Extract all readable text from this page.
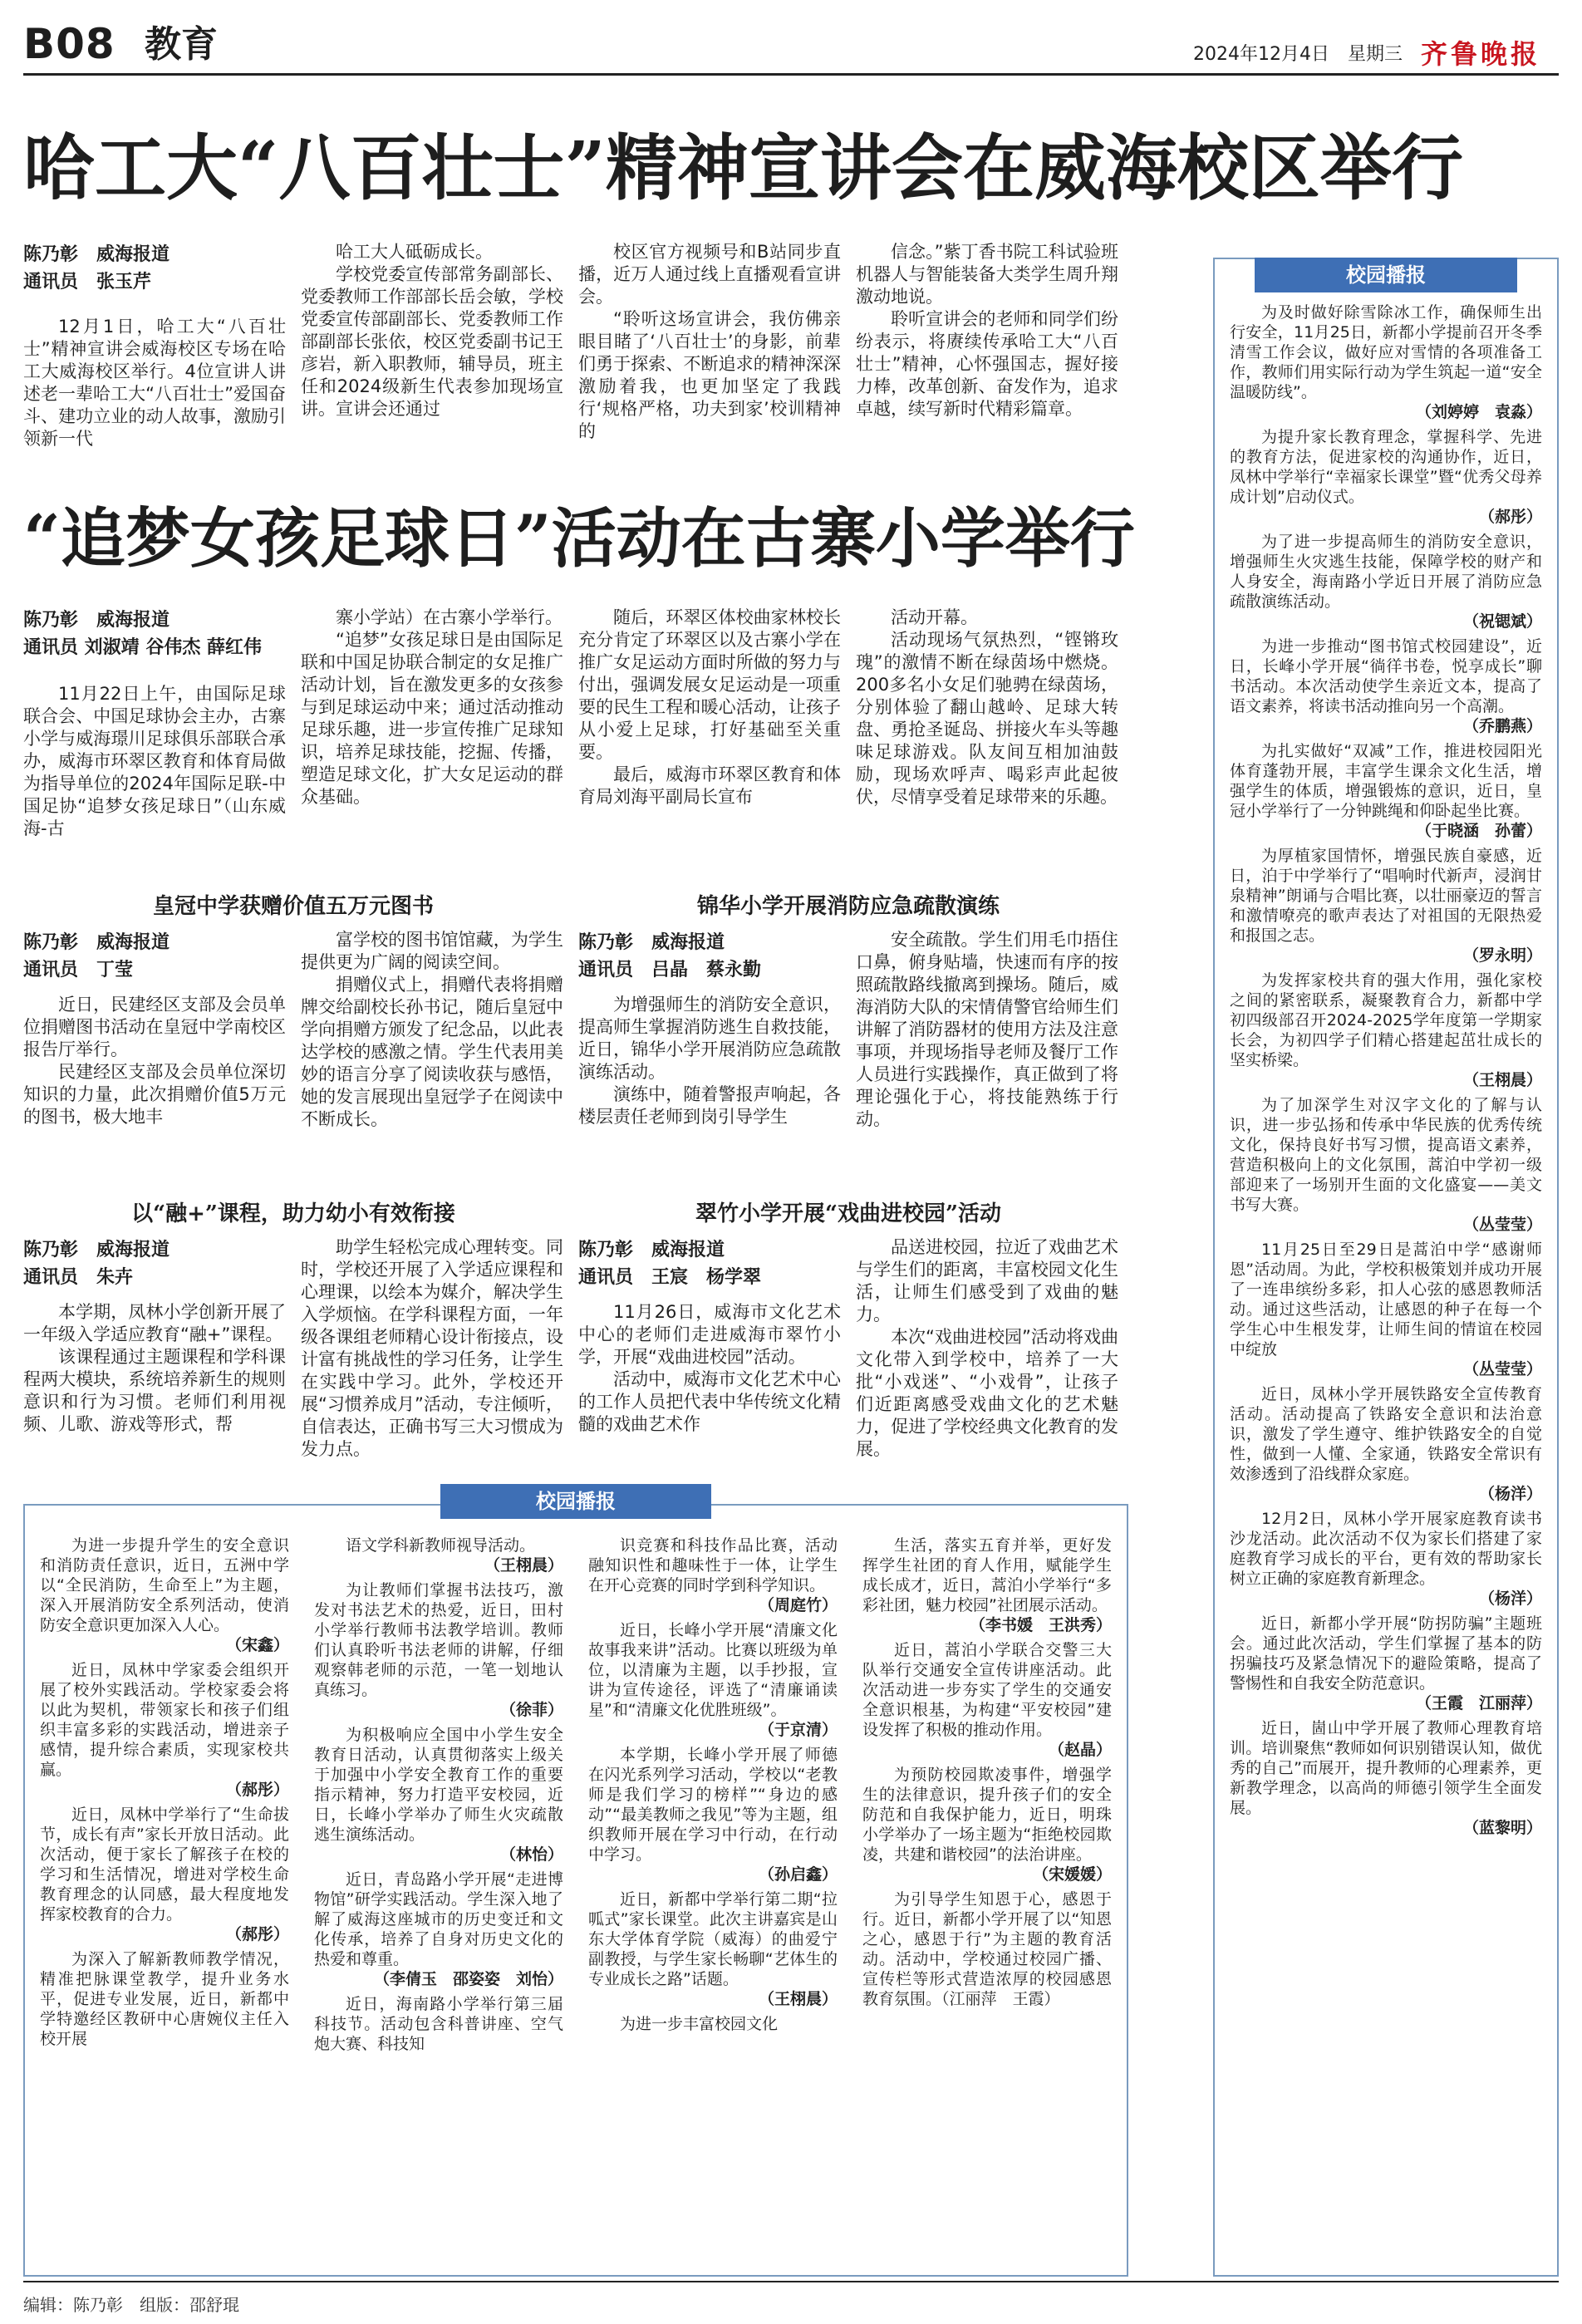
B08 教育	2024年12月4日 星期三 齐鲁晚报
哈工大“八百壮士”精神宣讲会在威海校区举行
陈乃彰　威海报道
通讯员　张玉芹
12月1日，哈工大“八百壮士”精神宣讲会威海校区专场在哈工大威海校区举行。4位宣讲人讲述老一辈哈工大“八百壮士”爱国奋斗、建功立业的动人故事，激励引领新一代
哈工大人砥砺成长。
学校党委宣传部常务副部长、党委教师工作部部长岳会敏，学校党委宣传部副部长、党委教师工作部副部长张依，校区党委副书记王彦岩，新入职教师，辅导员，班主任和2024级新生代表参加现场宣讲。宣讲会还通过
校区官方视频号和B站同步直播，近万人通过线上直播观看宣讲会。
“聆听这场宣讲会，我仿佛亲眼目睹了‘八百壮士’的身影，前辈们勇于探索、不断追求的精神深深激励着我，也更加坚定了我践行‘规格严格，功夫到家’校训精神的
信念。”紫丁香书院工科试验班机器人与智能装备大类学生周升翔激动地说。
聆听宣讲会的老师和同学们纷纷表示，将赓续传承哈工大“八百壮士”精神，心怀强国志，握好接力棒，改革创新、奋发作为，追求卓越，续写新时代精彩篇章。
“追梦女孩足球日”活动在古寨小学举行
陈乃彰　威海报道
通讯员 刘淑靖 谷伟杰 薛红伟
11月22日上午，由国际足球联合会、中国足球协会主办，古寨小学与威海璟川足球俱乐部联合承办，威海市环翠区教育和体育局做为指导单位的2024年国际足联-中国足协“追梦女孩足球日”（山东威海-古
寨小学站）在古寨小学举行。
“追梦”女孩足球日是由国际足联和中国足协联合制定的女足推广活动计划，旨在激发更多的女孩参与到足球运动中来；通过活动推动足球乐趣，进一步宣传推广足球知识，培养足球技能，挖掘、传播，塑造足球文化，扩大女足运动的群众基础。
随后，环翠区体校曲家林校长充分肯定了环翠区以及古寨小学在推广女足运动方面时所做的努力与付出，强调发展女足运动是一项重要的民生工程和暖心活动，让孩子从小爱上足球，打好基础至关重要。
最后，威海市环翠区教育和体育局刘海平副局长宣布
活动开幕。
活动现场气氛热烈，“铿锵玫瑰”的激情不断在绿茵场中燃烧。200多名小女足们驰骋在绿茵场，分别体验了翻山越岭、足球大转盘、勇抢圣诞岛、拼接火车头等趣味足球游戏。队友间互相加油鼓励，现场欢呼声、喝彩声此起彼伏，尽情享受着足球带来的乐趣。
皇冠中学获赠价值五万元图书
陈乃彰　威海报道
通讯员　丁莹
近日，民建经区支部及会员单位捐赠图书活动在皇冠中学南校区报告厅举行。
民建经区支部及会员单位深切知识的力量，此次捐赠价值5万元的图书，极大地丰
富学校的图书馆馆藏，为学生提供更为广阔的阅读空间。
捐赠仪式上，捐赠代表将捐赠牌交给副校长孙书记，随后皇冠中学向捐赠方颁发了纪念品，以此表达学校的感激之情。学生代表用美妙的语言分享了阅读收获与感悟，她的发言展现出皇冠学子在阅读中不断成长。
锦华小学开展消防应急疏散演练
陈乃彰　威海报道
通讯员　吕晶　蔡永勤
为增强师生的消防安全意识，提高师生掌握消防逃生自救技能，近日，锦华小学开展消防应急疏散演练活动。
演练中，随着警报声响起，各楼层责任老师到岗引导学生
安全疏散。学生们用毛巾捂住口鼻，俯身贴墙，快速而有序的按照疏散路线撤离到操场。随后，威海消防大队的宋情倩警官给师生们讲解了消防器材的使用方法及注意事项，并现场指导老师及餐厅工作人员进行实践操作，真正做到了将理论强化于心，将技能熟练于行动。
以“融+”课程，助力幼小有效衔接
陈乃彰　威海报道
通讯员　朱卉
本学期，凤林小学创新开展了一年级入学适应教育“融+”课程。
该课程通过主题课程和学科课程两大模块，系统培养新生的规则意识和行为习惯。老师们利用视频、儿歌、游戏等形式，帮
助学生轻松完成心理转变。同时，学校还开展了入学适应课程和心理课，以绘本为媒介，解决学生入学烦恼。在学科课程方面，一年级各课组老师精心设计衔接点，设计富有挑战性的学习任务，让学生在实践中学习。此外，学校还开展“习惯养成月”活动，专注倾听，自信表达，正确书写三大习惯成为发力点。
翠竹小学开展“戏曲进校园”活动
陈乃彰　威海报道
通讯员　王宸　杨学翠
11月26日，威海市文化艺术中心的老师们走进威海市翠竹小学，开展“戏曲进校园”活动。
活动中，威海市文化艺术中心的工作人员把代表中华传统文化精髓的戏曲艺术作
品送进校园，拉近了戏曲艺术与学生们的距离，丰富校园文化生活，让师生们感受到了戏曲的魅力。
本次“戏曲进校园”活动将戏曲文化带入到学校中，培养了一大批“小戏迷”、“小戏骨”，让孩子们近距离感受戏曲文化的艺术魅力，促进了学校经典文化教育的发展。
校园播报
为及时做好除雪除冰工作，确保师生出行安全，11月25日，新都小学提前召开冬季清雪工作会议，做好应对雪情的各项准备工作，教师们用实际行动为学生筑起一道“安全温暖防线”。
（刘婷婷　袁淼）
为提升家长教育理念，掌握科学、先进的教育方法，促进家校的沟通协作，近日，凤林中学举行“幸福家长课堂”暨“优秀父母养成计划”启动仪式。
（郝彤）
为了进一步提高师生的消防安全意识，增强师生火灾逃生技能，保障学校的财产和人身安全，海南路小学近日开展了消防应急疏散演练活动。
（祝锶斌）
为进一步推动“图书馆式校园建设”，近日，长峰小学开展“徜徉书卷，悦享成长”聊书活动。本次活动使学生亲近文本，提高了语文素养，将读书活动推向另一个高潮。
（乔鹏燕）
为扎实做好“双减”工作，推进校园阳光体育蓬勃开展，丰富学生课余文化生活，增强学生的体质，增强锻炼的意识，近日，皇冠小学举行了一分钟跳绳和仰卧起坐比赛。
（于晓涵　孙蕾）
为厚植家国情怀，增强民族自豪感，近日，泊于中学举行了“唱响时代新声，浸润甘泉精神”朗诵与合唱比赛，以壮丽豪迈的誓言和激情嘹亮的歌声表达了对祖国的无限热爱和报国之志。
（罗永明）
为发挥家校共育的强大作用，强化家校之间的紧密联系，凝聚教育合力，新都中学初四级部召开2024-2025学年度第一学期家长会，为初四学子们精心搭建起茁壮成长的坚实桥梁。
（王栩晨）
为了加深学生对汉字文化的了解与认识，进一步弘扬和传承中华民族的优秀传统文化，保持良好书写习惯，提高语文素养，营造积极向上的文化氛围，蒿泊中学初一级部迎来了一场别开生面的文化盛宴——美文书写大赛。
（丛莹莹）
11月25日至29日是蒿泊中学“感谢师恩”活动周。为此，学校积极策划并成功开展了一连串缤纷多彩，扣人心弦的感恩教师活动。通过这些活动，让感恩的种子在每一个学生心中生根发芽，让师生间的情谊在校园中绽放
（丛莹莹）
近日，凤林小学开展铁路安全宣传教育活动。活动提高了铁路安全意识和法治意识，激发了学生遵守、维护铁路安全的自觉性，做到一人懂、全家通，铁路安全常识有效渗透到了沿线群众家庭。
（杨洋）
12月2日，凤林小学开展家庭教育读书沙龙活动。此次活动不仅为家长们搭建了家庭教育学习成长的平台，更有效的帮助家长树立正确的家庭教育新理念。
（杨洋）
近日，新都小学开展“防拐防骗”主题班会。通过此次活动，学生们掌握了基本的防拐骗技巧及紧急情况下的避险策略，提高了警惕性和自我安全防范意识。
（王霞　江丽萍）
近日，崮山中学开展了教师心理教育培训。培训聚焦“教师如何识别错误认知，做优秀的自己”而展开，提升教师的心理素养，更新教学理念，以高尚的师德引领学生全面发展。
（蓝黎明）
校园播报
为进一步提升学生的安全意识和消防责任意识，近日，五洲中学以“全民消防，生命至上”为主题，深入开展消防安全系列活动，使消防安全意识更加深入人心。
（宋鑫）
近日，凤林中学家委会组织开展了校外实践活动。学校家委会将以此为契机，带领家长和孩子们组织丰富多彩的实践活动，增进亲子感情，提升综合素质，实现家校共赢。
（郝彤）
近日，凤林中学举行了“生命拔节，成长有声”家长开放日活动。此次活动，便于家长了解孩子在校的学习和生活情况，增进对学校生命教育理念的认同感，最大程度地发挥家校教育的合力。
（郝彤）
为深入了解新教师教学情况，精准把脉课堂教学，提升业务水平，促进专业发展，近日，新都中学特邀经区教研中心唐婉仪主任入校开展
语文学科新教师视导活动。
（王栩晨）
为让教师们掌握书法技巧，激发对书法艺术的热爱，近日，田村小学举行教师书法教学培训。教师们认真聆听书法老师的讲解，仔细观察韩老师的示范，一笔一划地认真练习。
（徐菲）
为积极响应全国中小学生安全教育日活动，认真贯彻落实上级关于加强中小学安全教育工作的重要指示精神，努力打造平安校园，近日，长峰小学举办了师生火灾疏散逃生演练活动。
（林怡）
近日，青岛路小学开展“走进博物馆”研学实践活动。学生深入地了解了威海这座城市的历史变迁和文化传承，培养了自身对历史文化的热爱和尊重。
（李倩玉　邵姿姿　刘怡）
近日，海南路小学举行第三届科技节。活动包含科普讲座、空气炮大赛、科技知
识竞赛和科技作品比赛，活动融知识性和趣味性于一体，让学生在开心竞赛的同时学到科学知识。
（周庭竹）
近日，长峰小学开展“清廉文化故事我来讲”活动。比赛以班级为单位，以清廉为主题，以手抄报，宣讲为宣传途径，评选了“清廉诵读星”和“清廉文化优胜班级”。
（于京清）
本学期，长峰小学开展了师德在闪光系列学习活动，学校以“老教师是我们学习的榜样”“身边的感动”“最美教师之我见”等为主题，组织教师开展在学习中行动，在行动中学习。
（孙启鑫）
近日，新都中学举行第二期“拉呱式”家长课堂。此次主讲嘉宾是山东大学体育学院（威海）的曲爱宁副教授，与学生家长畅聊“艺体生的专业成长之路”话题。
（王栩晨）
为进一步丰富校园文化
生活，落实五育并举，更好发挥学生社团的育人作用，赋能学生成长成才，近日，蒿泊小学举行“多彩社团，魅力校园”社团展示活动。
（李书媛　王洪秀）
近日，蒿泊小学联合交警三大队举行交通安全宣传讲座活动。此次活动进一步夯实了学生的交通安全意识根基，为构建“平安校园”建设发挥了积极的推动作用。
（赵晶）
为预防校园欺凌事件，增强学生的法律意识，提升孩子们的安全防范和自我保护能力，近日，明珠小学举办了一场主题为“拒绝校园欺凌，共建和谐校园”的法治讲座。
（宋媛媛）
为引导学生知恩于心，感恩于行。近日，新都小学开展了以“知恩之心，感恩于行”为主题的教育活动。活动中，学校通过校园广播、宣传栏等形式营造浓厚的校园感恩教育氛围。（江丽萍　王霞）
编辑：陈乃彰　组版：邵舒琨
